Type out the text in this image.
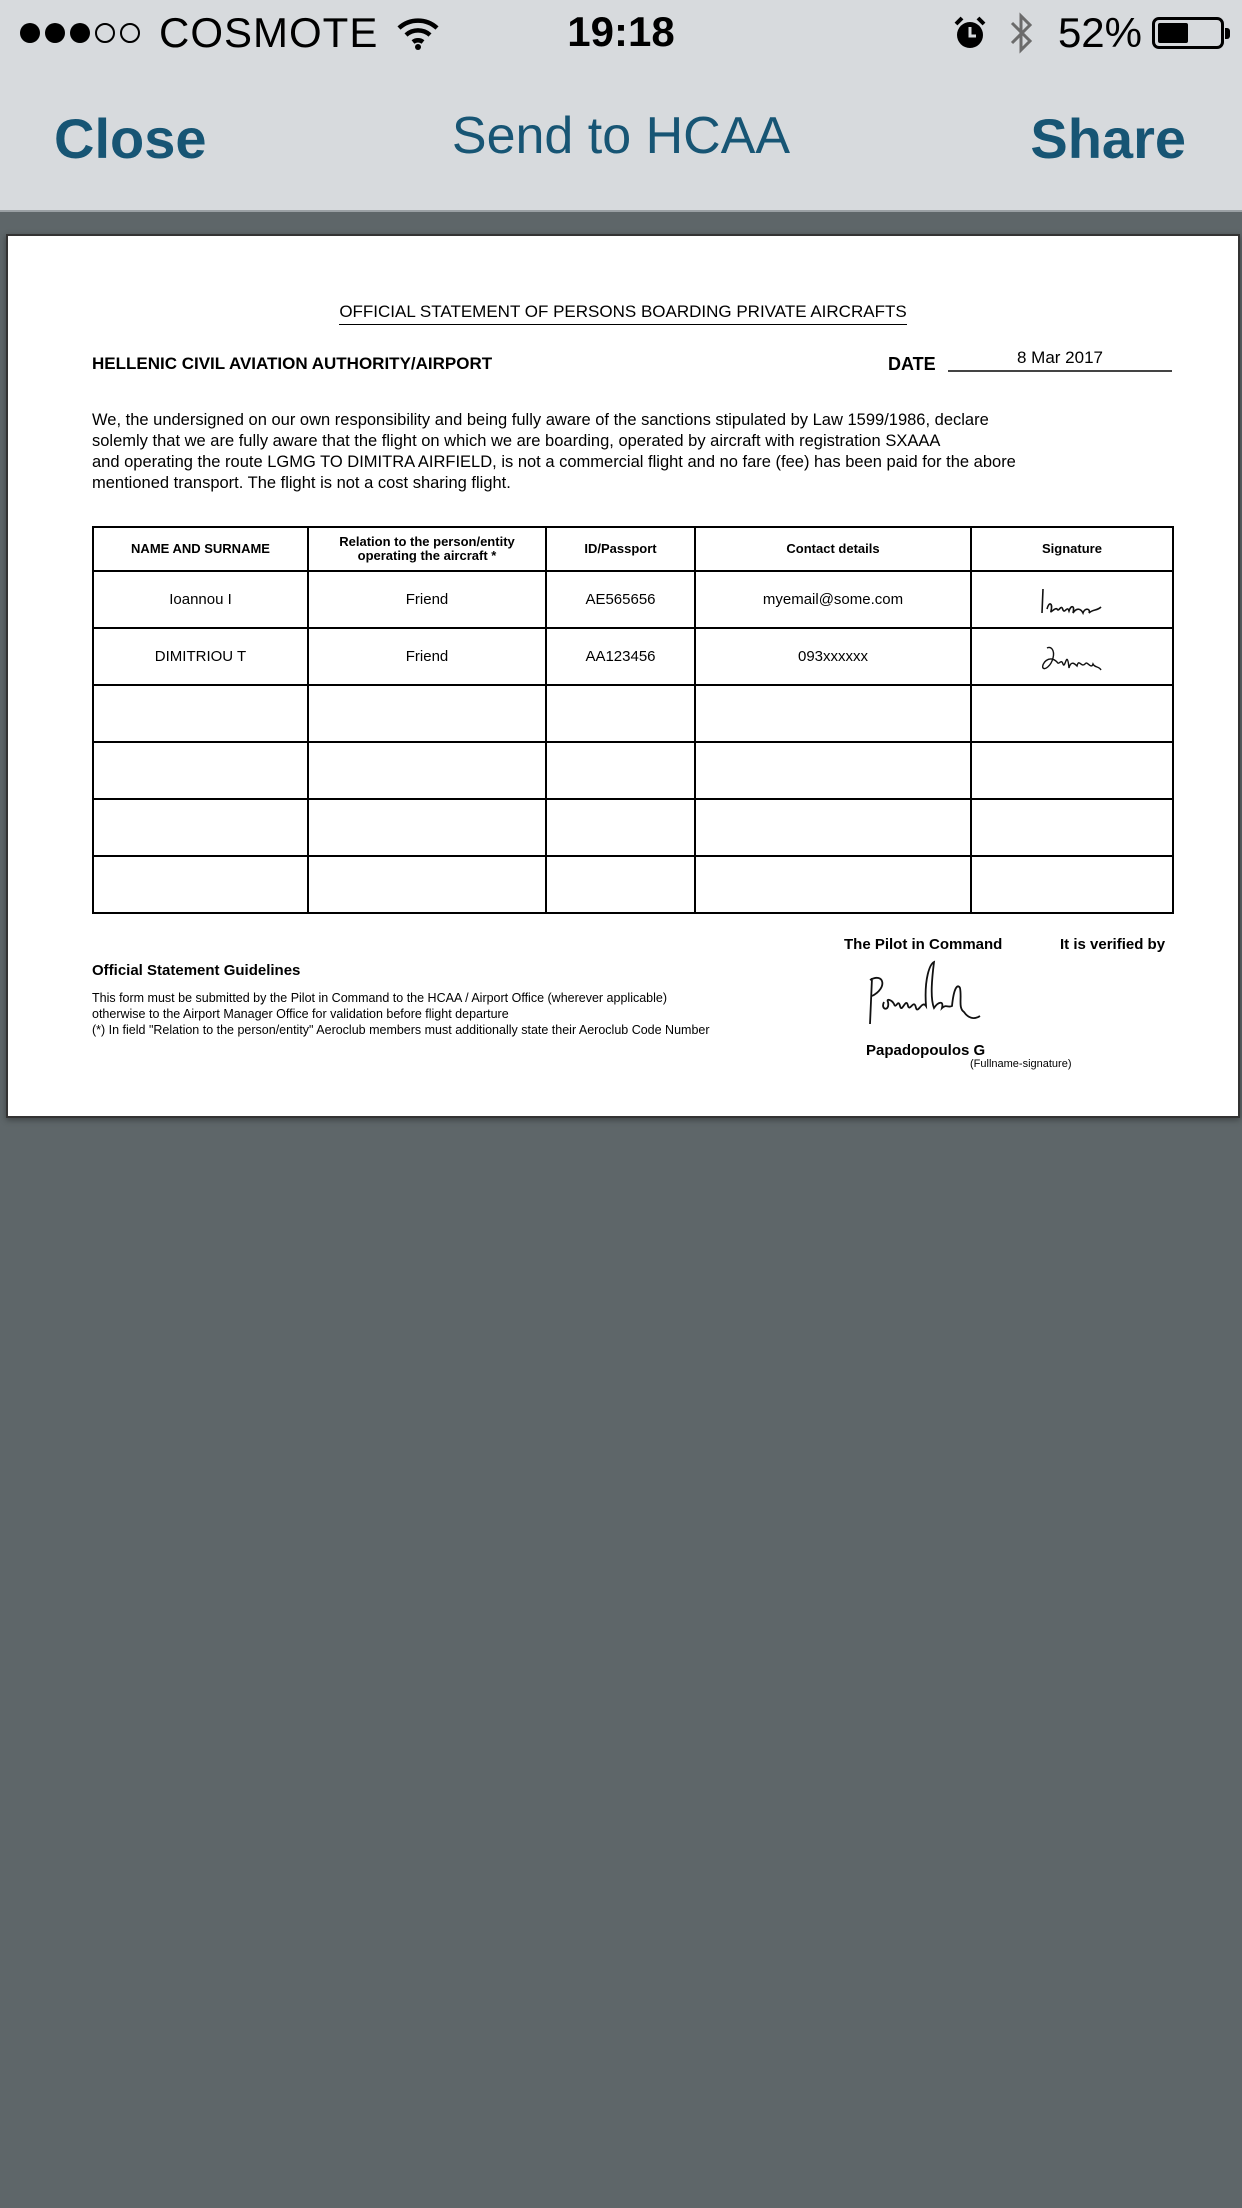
COSMOTE	19:18	52%
Close	Send to HCAA	Share
OFFICIAL STATEMENT OF PERSONS BOARDING PRIVATE AIRCRAFTS
HELLENIC CIVIL AVIATION AUTHORITY/AIRPORT	DATE	8 Mar 2017
We, the undersigned on our own responsibility and being fully aware of the sanctions stipulated by Law 1599/1986, declare
solemly that we are fully aware that the flight on which we are boarding, operated by aircraft with registration SXAAA
and operating the route LGMG TO DIMITRA AIRFIELD, is not a commercial flight and no fare (fee) has been paid for the abore
mentioned transport. The flight is not a cost sharing flight.
NAME AND SURNAME	Relation to the person/entity operating the aircraft *	ID/Passport	Contact details	Signature
Ioannou I	Friend	AE565656	myemail@some.com	
DIMITRIOU T	Friend	AA123456	093xxxxxx	

The Pilot in Command	It is verified by
Official Statement Guidelines
This form must be submitted by the Pilot in Command to the HCAA / Airport Office (wherever applicable)
otherwise to the Airport Manager Office for validation before flight departure
(*) In field "Relation to the person/entity" Aeroclub members must additionally state their Aeroclub Code Number
Papadopoulos G
(Fullname-signature)
